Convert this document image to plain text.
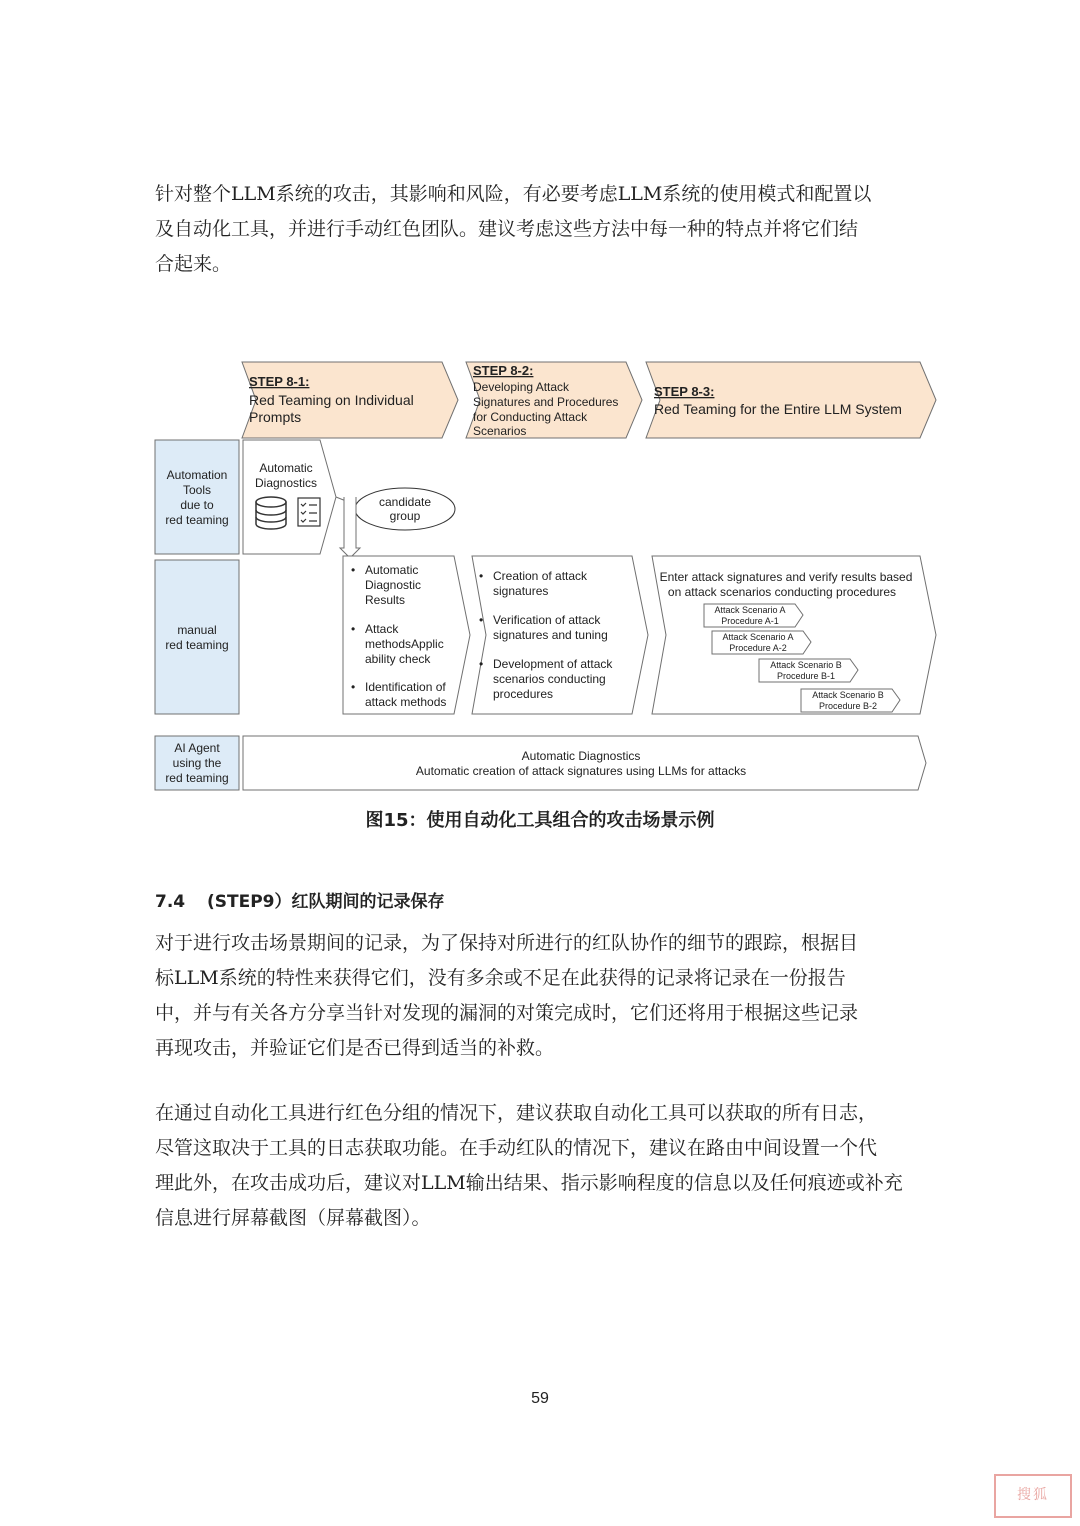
针对整个LLM系统的攻击，其影响和风险，有必要考虑LLM系统的使用模式和配置以
及自动化工具，并进行手动红色团队。建议考虑这些方法中每一种的特点并将它们结
合起来。
STEP 8-1:
Red Teaming on Individual
Prompts
STEP 8-2:
Developing Attack
Signatures and Procedures
for Conducting Attack
Scenarios
STEP 8-3:
Red Teaming for the Entire LLM System
Automation
Tools
due to
red teaming
manual
red teaming
AI Agent
using the
red teaming
Automatic
Diagnostics
candidate
group
• Automatic
Diagnostic
Results
• Attack
methodsApplic
ability check
• Identification of
attack methods
• Creation of attack
signatures
• Verification of attack
signatures and tuning
• Development of attack
scenarios conducting
procedures
Enter attack signatures and verify results based
on attack scenarios conducting procedures
Attack Scenario A
Procedure A-1
Attack Scenario A
Procedure A-2
Attack Scenario B
Procedure B-1
Attack Scenario B
Procedure B-2
Automatic Diagnostics
Automatic creation of attack signatures using LLMs for attacks
图15：使用自动化工具组合的攻击场景示例
7.4 (STEP9）红队期间的记录保存
对于进行攻击场景期间的记录，为了保持对所进行的红队协作的细节的跟踪，根据目
标LLM系统的特性来获得它们，没有多余或不足在此获得的记录将记录在一份报告
中，并与有关各方分享当针对发现的漏洞的对策完成时，它们还将用于根据这些记录
再现攻击，并验证它们是否已得到适当的补救。
在通过自动化工具进行红色分组的情况下，建议获取自动化工具可以获取的所有日志，
尽管这取决于工具的日志获取功能。在手动红队的情况下，建议在路由中间设置一个代
理此外，在攻击成功后，建议对LLM输出结果、指示影响程度的信息以及任何痕迹或补充
信息进行屏幕截图（屏幕截图）。
59
搜狐
